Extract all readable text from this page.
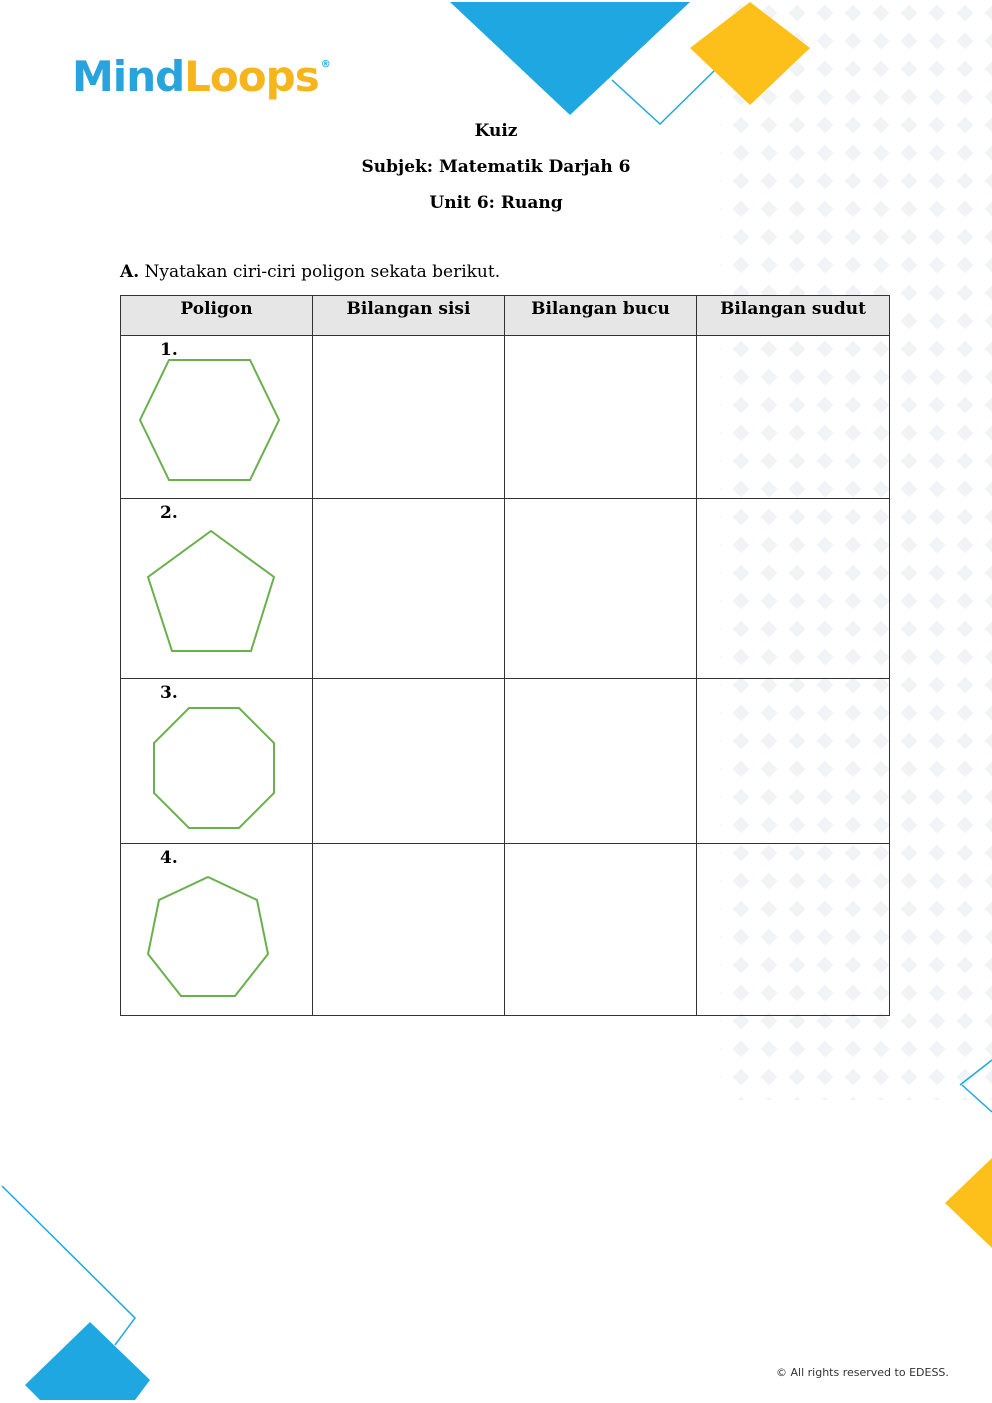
MindLoops ®
Kuiz
Subjek: Matematik Darjah 6
Unit 6: Ruang
A. Nyatakan ciri-ciri poligon sekata berikut.
Poligon	Bilangan sisi	Bilangan bucu	Bilangan sudut

1.			

2.			

3.			

4.			

© All rights reserved to EDESS.
